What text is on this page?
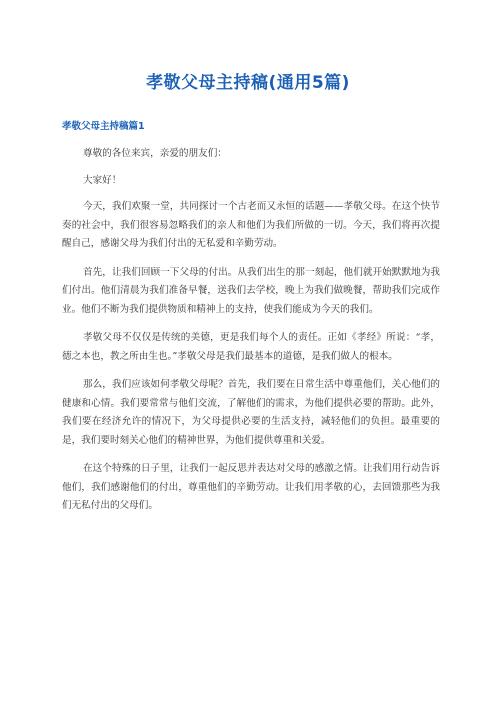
孝敬父母主持稿(通用5篇)
孝敬父母主持稿篇1

尊敬的各位来宾，亲爱的朋友们：

大家好！

今天，我们欢聚一堂，共同探讨一个古老而又永恒的话题——孝敬父母。在这个快节奏的社会中，我们很容易忽略我们的亲人和他们为我们所做的一切。今天，我们将再次提醒自己，感谢父母为我们付出的无私爱和辛勤劳动。

首先，让我们回顾一下父母的付出。从我们出生的那一刻起，他们就开始默默地为我们付出。他们清晨为我们准备早餐，送我们去学校，晚上为我们做晚餐，帮助我们完成作业。他们不断为我们提供物质和精神上的支持，使我们能成为今天的我们。

孝敬父母不仅仅是传统的美德，更是我们每个人的责任。正如《孝经》所说：“孝，德之本也，教之所由生也。”孝敬父母是我们最基本的道德，是我们做人的根本。

那么，我们应该如何孝敬父母呢？首先，我们要在日常生活中尊重他们，关心他们的健康和心情。我们要常常与他们交流，了解他们的需求，为他们提供必要的帮助。此外，我们要在经济允许的情况下，为父母提供必要的生活支持，减轻他们的负担。最重要的是，我们要时刻关心他们的精神世界，为他们提供尊重和关爱。

在这个特殊的日子里，让我们一起反思并表达对父母的感激之情。让我们用行动告诉他们，我们感谢他们的付出，尊重他们的辛勤劳动。让我们用孝敬的心，去回馈那些为我们无私付出的父母们。
